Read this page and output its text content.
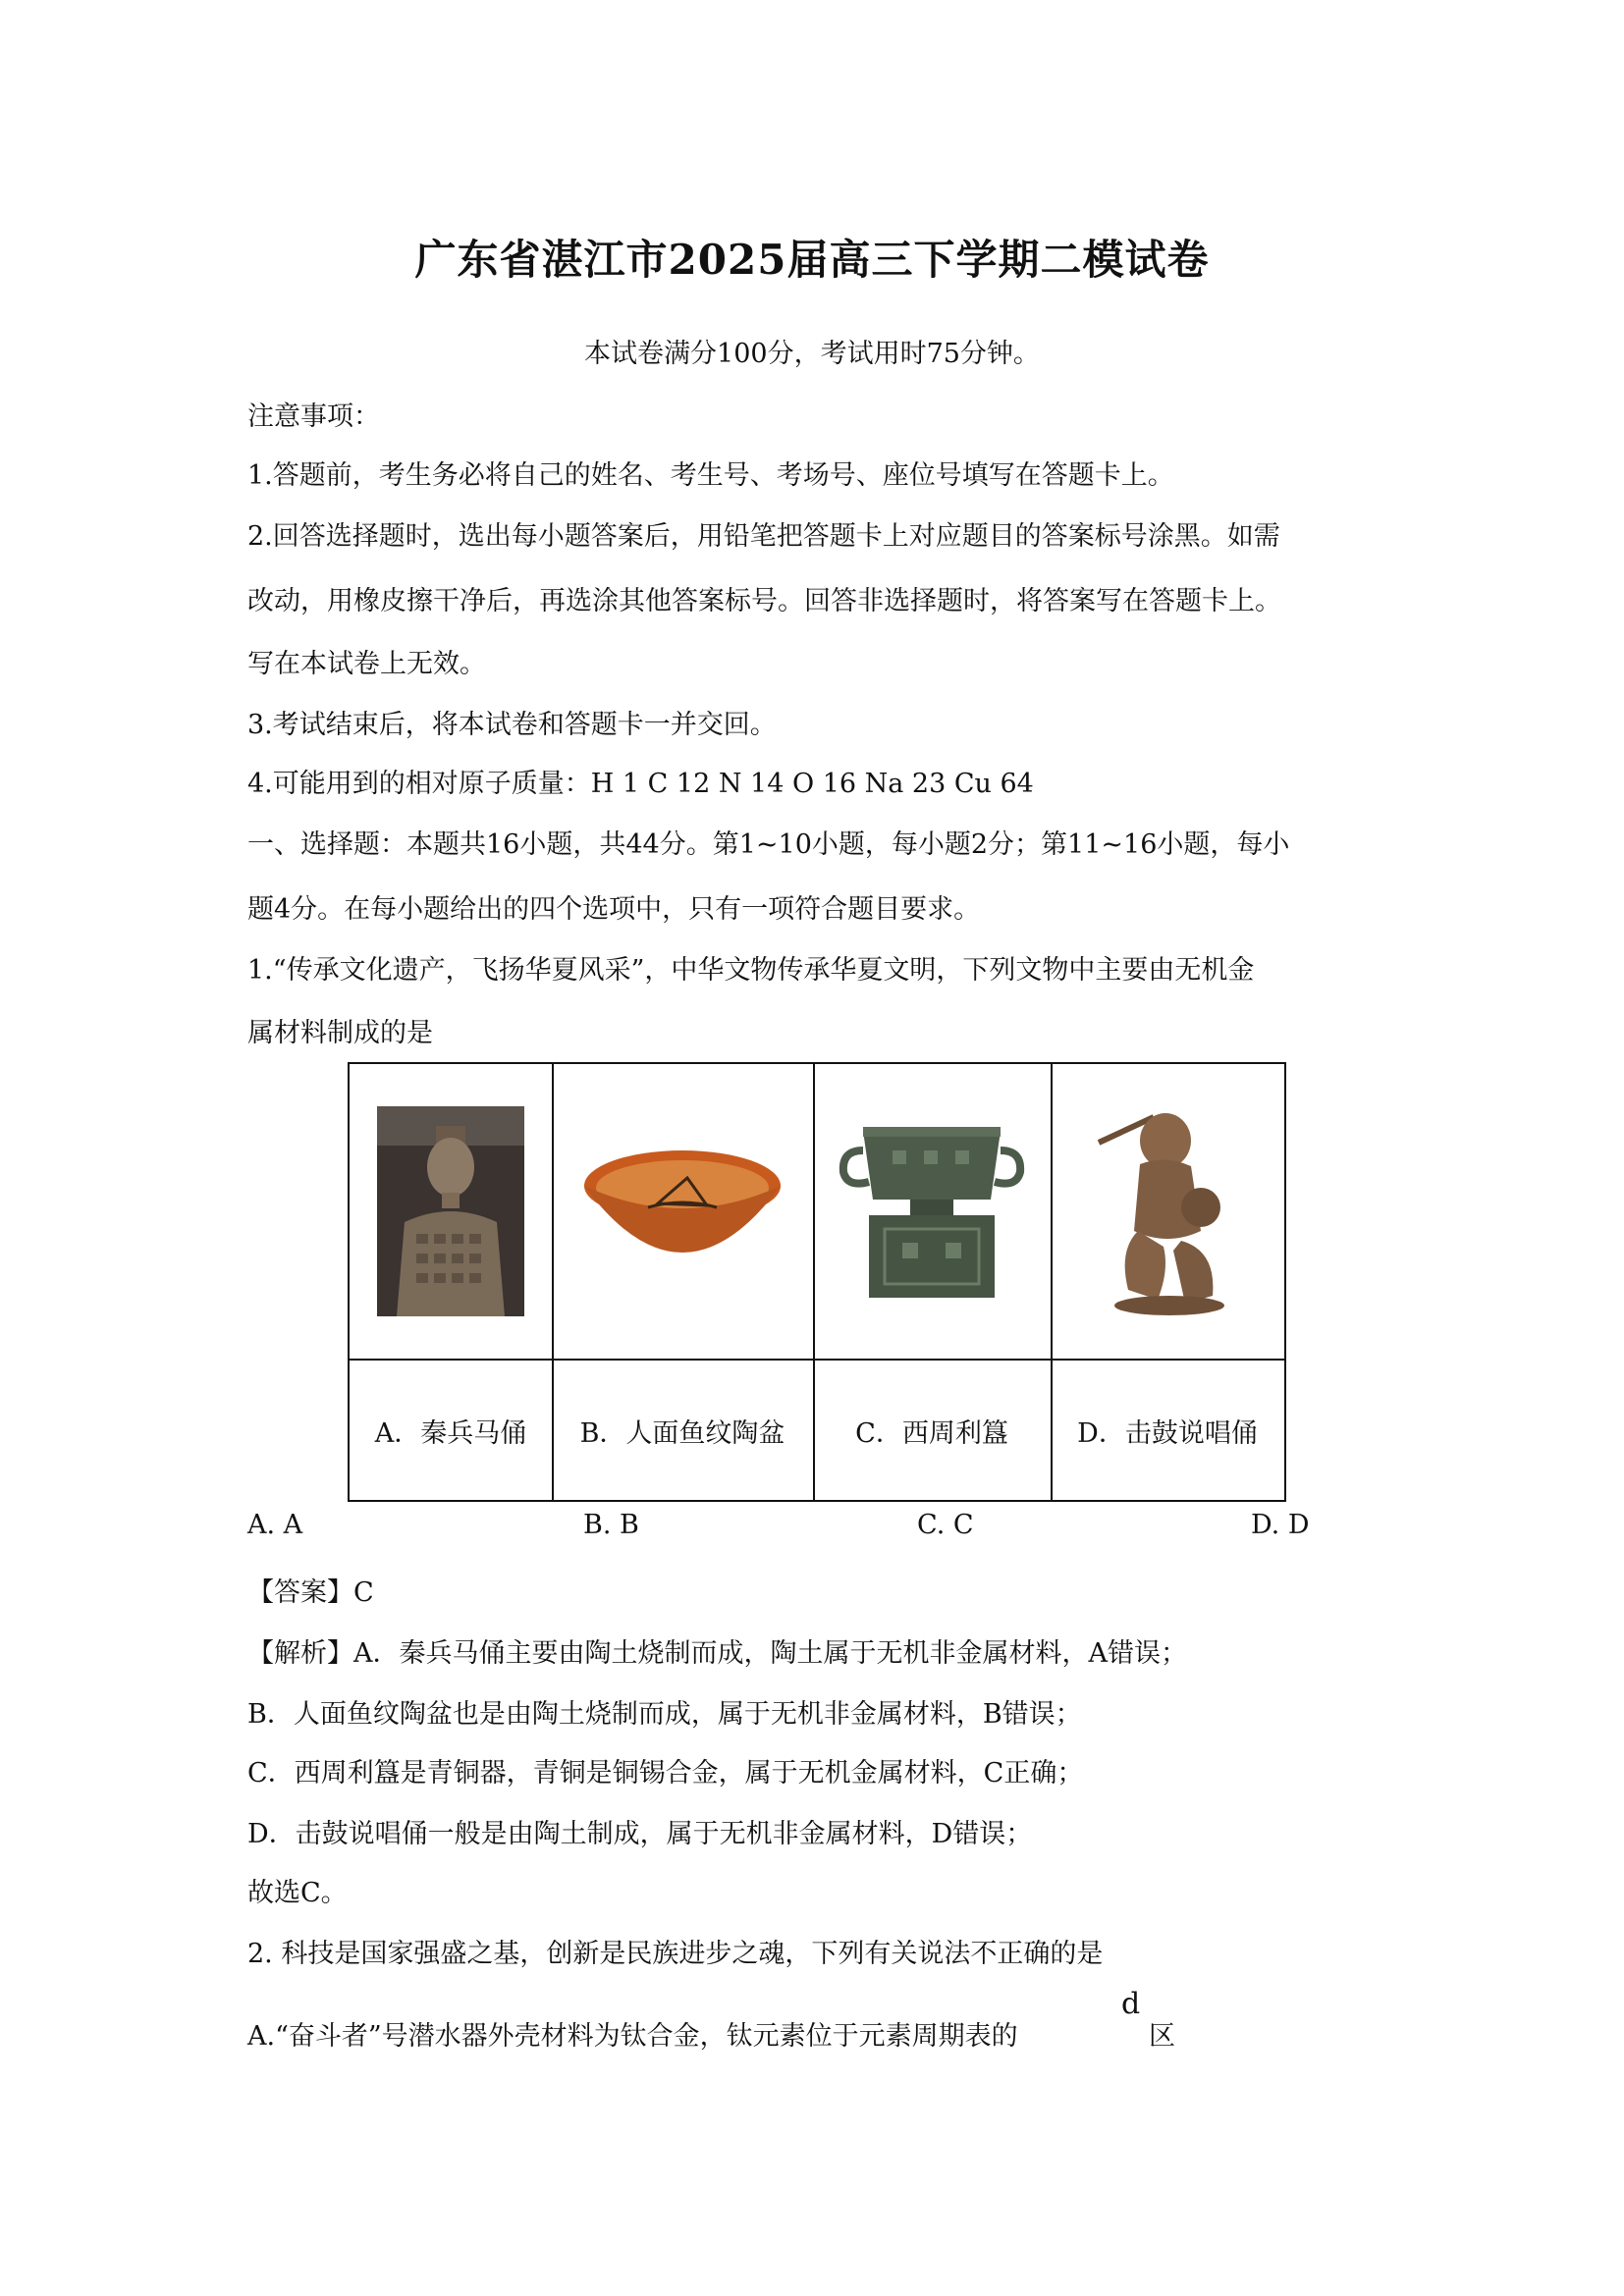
广东省湛江市2025届高三下学期二模试卷
本试卷满分100分，考试用时75分钟。
注意事项：
1.答题前，考生务必将自己的姓名、考生号、考场号、座位号填写在答题卡上。
2.回答选择题时，选出每小题答案后，用铅笔把答题卡上对应题目的答案标号涂黑。如需
改动，用橡皮擦干净后，再选涂其他答案标号。回答非选择题时，将答案写在答题卡上。
写在本试卷上无效。
3.考试结束后，将本试卷和答题卡一并交回。
4.可能用到的相对原子质量：H 1 C 12 N 14 O 16 Na 23 Cu 64
一、选择题：本题共16小题，共44分。第1~10小题，每小题2分；第11~16小题，每小
题4分。在每小题给出的四个选项中，只有一项符合题目要求。
1.“传承文化遗产，飞扬华夏风采”，中华文物传承华夏文明，下列文物中主要由无机金
属材料制成的是
A．秦兵马俑	B．人面鱼纹陶盆	C．西周利簋	D．击鼓说唱俑
A. A	B. B	C. C	D. D
【答案】C
【解析】A．秦兵马俑主要由陶土烧制而成，陶土属于无机非金属材料，A错误；
B．人面鱼纹陶盆也是由陶土烧制而成，属于无机非金属材料，B错误；
C．西周利簋是青铜器，青铜是铜锡合金，属于无机金属材料，C正确；
D．击鼓说唱俑一般是由陶土制成，属于无机非金属材料，D错误；
故选C。
2. 科技是国家强盛之基，创新是民族进步之魂，下列有关说法不正确的是
A.“奋斗者”号潜水器外壳材料为钛合金，钛元素位于元素周期表的
d
区
